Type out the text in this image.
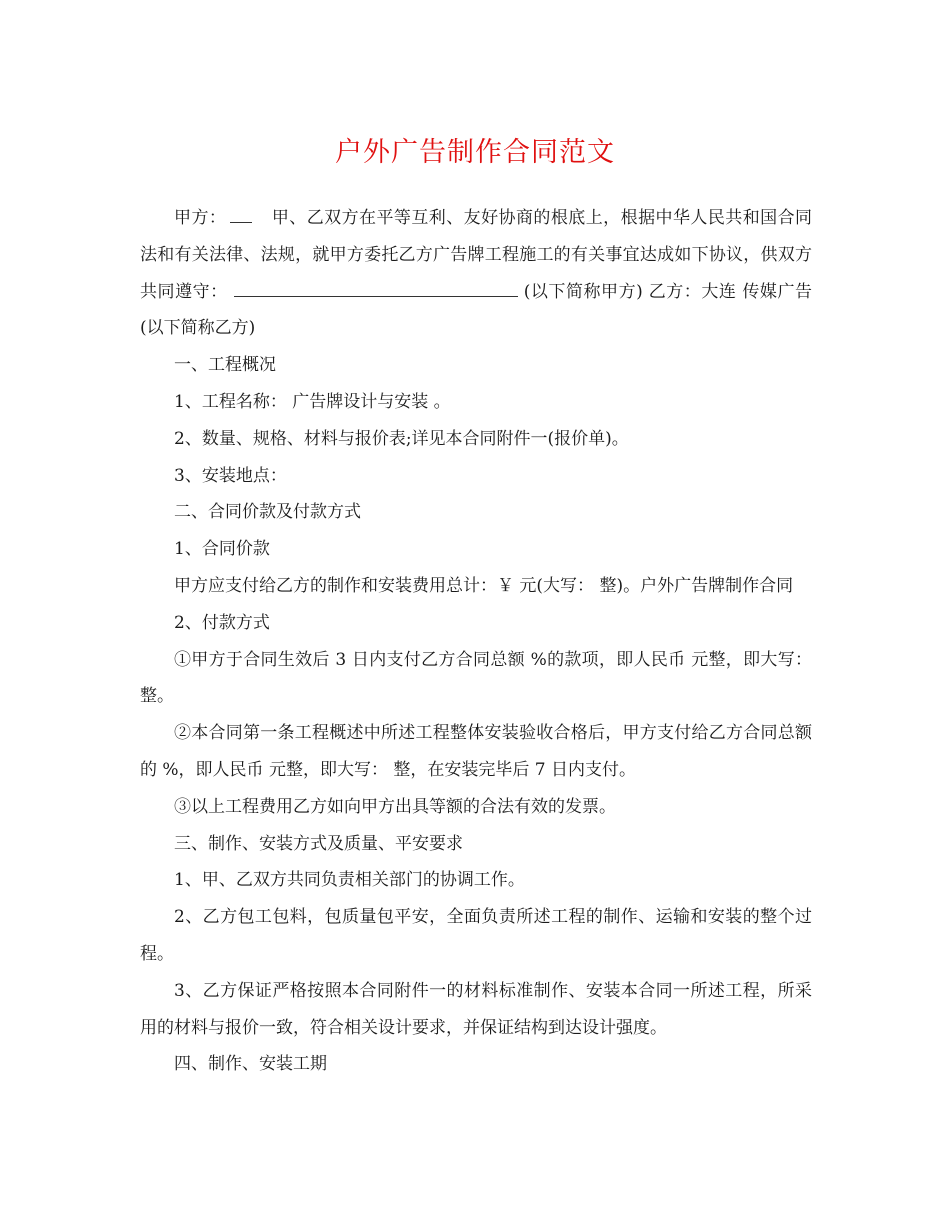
户外广告制作合同范文

甲方：	甲、乙双方在平等互利、友好协商的根底上，根据中华人民共和国合同法和有关法律、法规，就甲方委托乙方广告牌工程施工的有关事宜达成如下协议，供双方共同遵守：	(以下简称甲方) 乙方：大连 传媒广告 (以下简称乙方)

一、工程概况

1、工程名称： 广告牌设计与安装 。

2、数量、规格、材料与报价表;详见本合同附件一(报价单)。

3、安装地点：

二、合同价款及付款方式

1、合同价款

甲方应支付给乙方的制作和安装费用总计：￥ 元(大写： 整)。户外广告牌制作合同

2、付款方式

①甲方于合同生效后 3 日内支付乙方合同总额 %的款项，即人民币 元整，即大写： 整。

②本合同第一条工程概述中所述工程整体安装验收合格后，甲方支付给乙方合同总额的 %，即人民币 元整，即大写： 整，在安装完毕后 7 日内支付。

③以上工程费用乙方如向甲方出具等额的合法有效的发票。

三、制作、安装方式及质量、平安要求

1、甲、乙双方共同负责相关部门的协调工作。

2、乙方包工包料，包质量包平安，全面负责所述工程的制作、运输和安装的整个过程。

3、乙方保证严格按照本合同附件一的材料标准制作、安装本合同一所述工程，所采用的材料与报价一致，符合相关设计要求，并保证结构到达设计强度。

四、制作、安装工期
